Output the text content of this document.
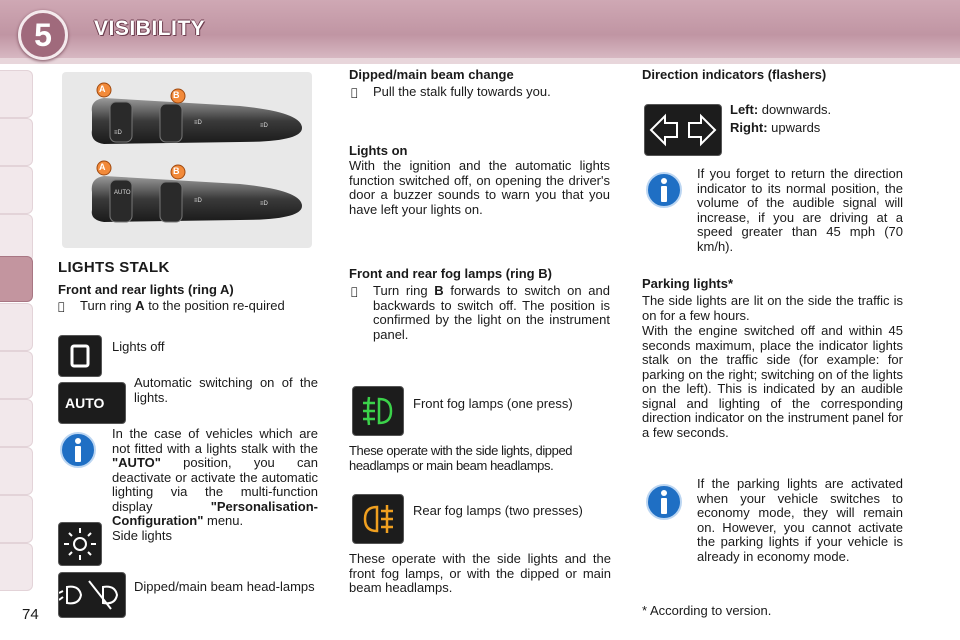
5	VISIBILITY
≡D
≡D	≡D
AUTO
≡D	≡D
A
B
A	B
LIGHTS STALK
Front and rear lights (ring A)
Turn ring A to the position re-quired
Lights off
AUTO
Automatic switching on of the lights.
In the case of vehicles which are not fitted with a lights stalk with the "AUTO" position, you can deactivate or activate the automatic lighting via the multi-function display	"Personalisation-Configuration" menu.
Side lights
Dipped/main beam head-lamps
74
Dipped/main beam change
Pull the stalk fully towards you.
Lights on
With the ignition and the automatic lights function switched off, on opening the driver's door a buzzer sounds to warn you that you have left your lights on.
Front and rear fog lamps (ring B)
Turn ring B forwards to switch on and backwards to switch off. The position is confirmed by the light on the instrument panel.
Front fog lamps (one press)
These operate with the side lights, dipped headlamps or main beam headlamps.
Rear fog lamps (two presses)
These operate with the side lights and the front fog lamps, or with the dipped or main beam headlamps.
Direction indicators (flashers)
Left: downwards.
Right: upwards
If you forget to return the direction indicator to its normal position, the volume of the audible signal will increase, if you are driving at a speed greater than 45 mph (70 km/h).
Parking lights*
The side lights are lit on the side the traffic is on for a few hours.
With the engine switched off and within 45 seconds maximum, place the indicator lights stalk on the traffic side (for example: for parking on the right; switching on of the lights on the left). This is indicated by an audible signal and lighting of the corresponding direction indicator on the instrument panel for a few seconds.
If the parking lights are activated when your vehicle switches to economy mode, they will remain on. However, you cannot activate the parking lights if your vehicle is already in economy mode.
* According to version.
